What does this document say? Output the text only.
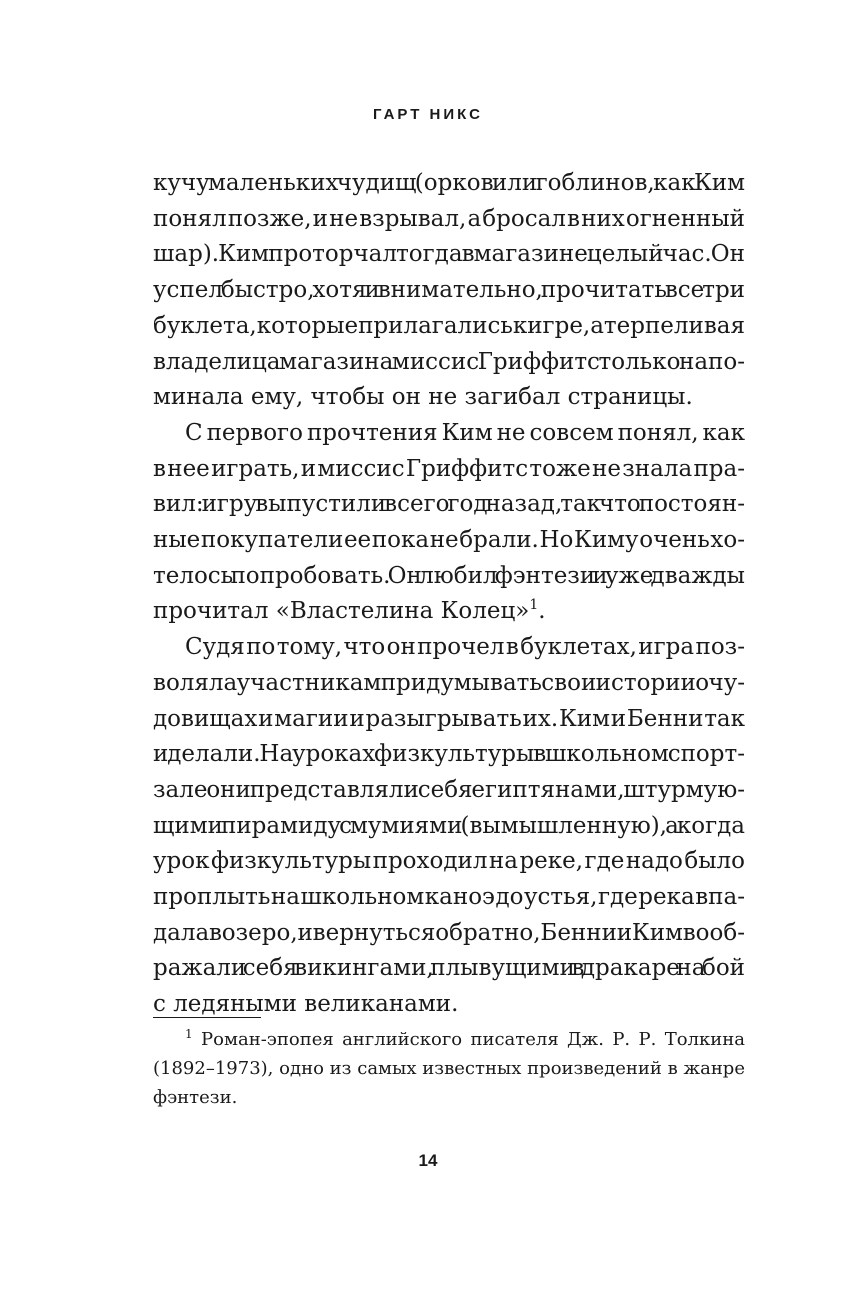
ГАРТ НИКС

кучу маленьких чудищ (орков или гоблинов, как Ким
понял позже, и не взрывал, а бросал в них огненный
шар). Ким проторчал тогда в магазине целый час. Он
успел быстро, хотя и внимательно, прочитать все три
буклета, которые прилагались к игре, а терпеливая
владелица магазина миссис Гриффитс только напо-
минала ему, чтобы он не загибал страницы.

С первого прочтения Ким не совсем понял, как
в нее играть, и миссис Гриффитс тоже не знала пра-
вил: игру выпустили всего год назад, так что постоян-
ные покупатели ее пока не брали. Но Киму очень хо-
телось попробовать. Он любил фэнтези и уже дважды
прочитал «Властелина Колец»$^1$.

Судя по тому, что он прочел в буклетах, игра поз-
воляла участникам придумывать свои истории о чу-
довищах и магии и разыгрывать их. Ким и Бенни так
и делали. На уроках физкультуры в школьном спорт-
зале они представляли себя египтянами, штурмую-
щими пирамиду с мумиями (вымышленную), а когда
урок физкультуры проходил на реке, где надо было
проплыть на школьном каноэ до устья, где река впа-
дала в озеро, и вернуться обратно, Бенни и Ким вооб-
ражали себя викингами, плывущими в дракаре на бой
с ледяными великанами.

$^1$ Роман-эпопея английского писателя Дж. Р. Р. Толкина
(1892–1973), одно из самых известных произведений в жанре
фэнтези.
14
